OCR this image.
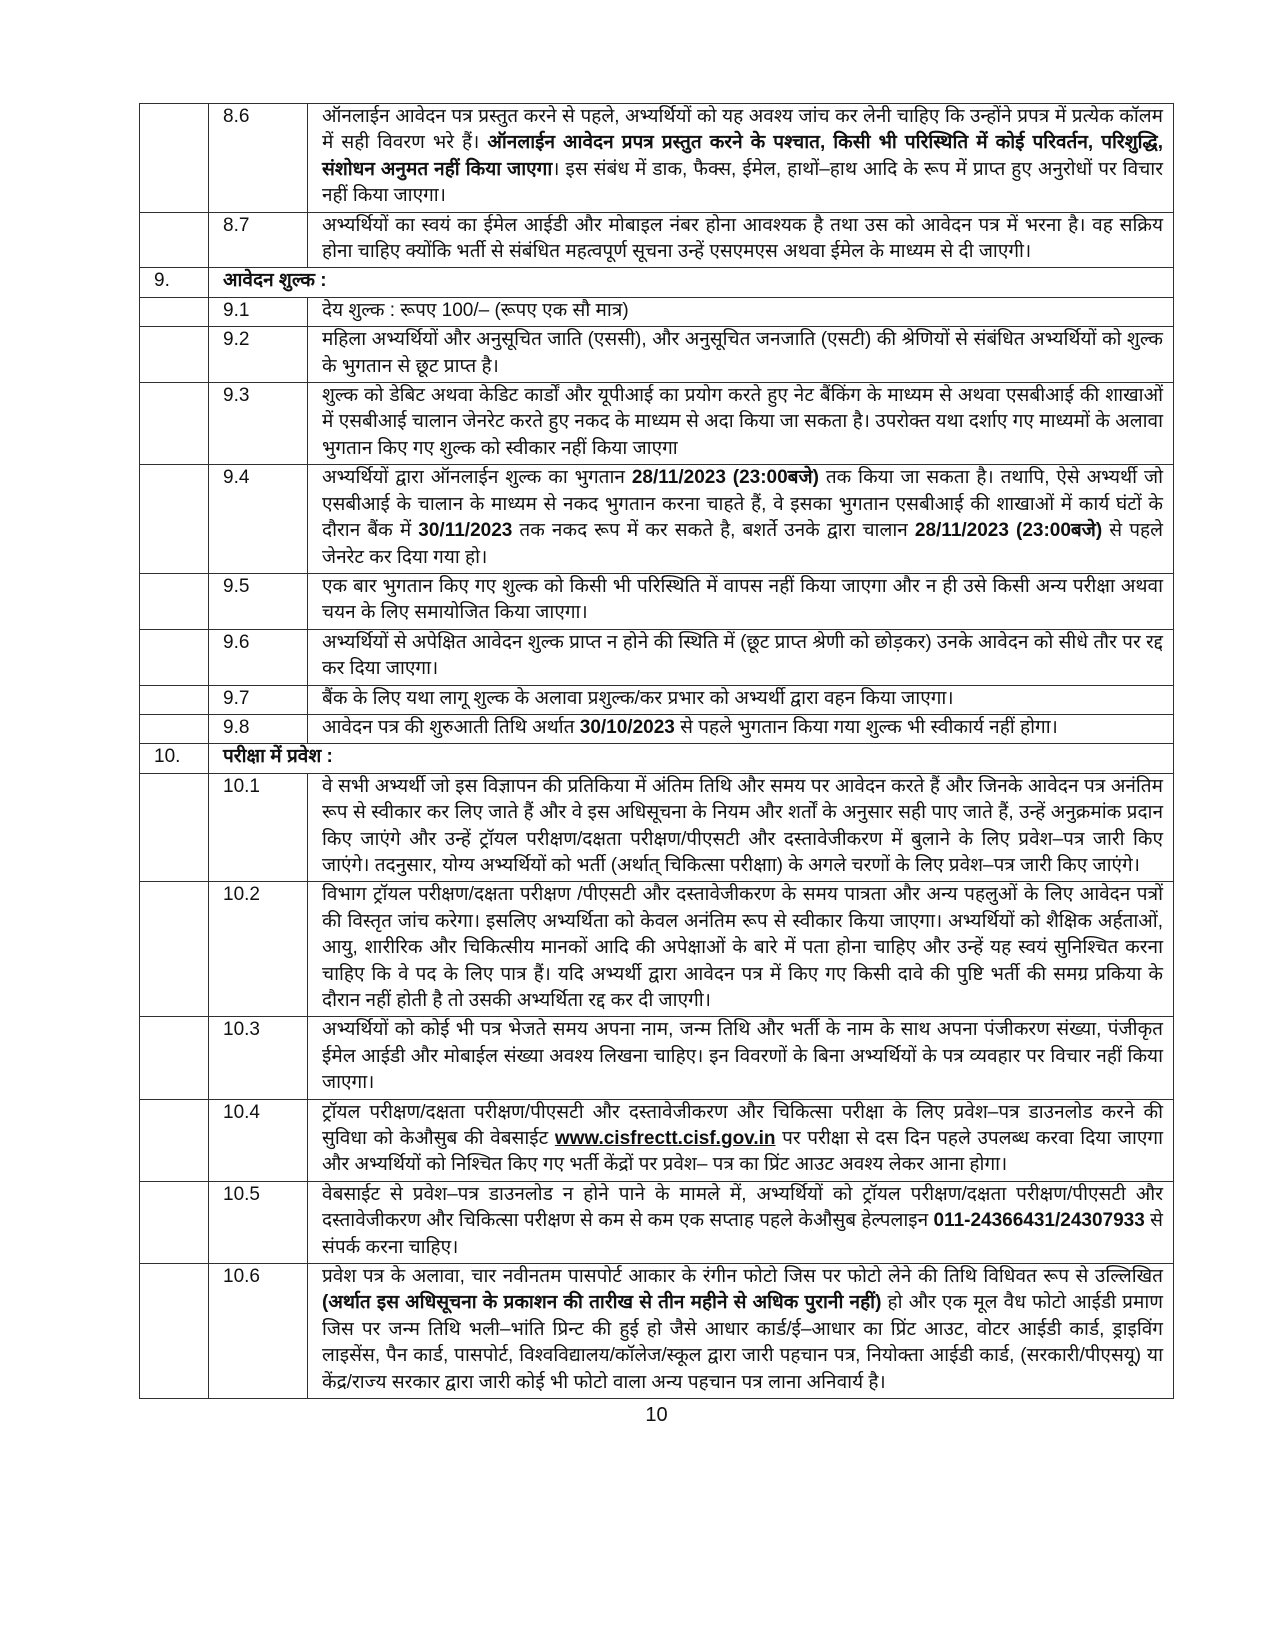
	8.6	ऑनलाईन आवेदन पत्र प्रस्तुत करने से पहले, अभ्यर्थियों को यह अवश्य जांच कर लेनी चाहिए कि उन्होंने प्रपत्र में प्रत्येक कॉलम में सही विवरण भरे हैं। ऑनलाईन आवेदन प्रपत्र प्रस्तुत करने के पश्चात, किसी भी परिस्थिति में कोई परिवर्तन, परिशुद्धि, संशोधन अनुमत नहीं किया जाएगा। इस संबंध में डाक, फैक्स, ईमेल, हाथों–हाथ आदि के रूप में प्राप्त हुए अनुरोधों पर विचार नहीं किया जाएगा।
	8.7	अभ्यर्थियों का स्वयं का ईमेल आईडी और मोबाइल नंबर होना आवश्यक है तथा उस को आवेदन पत्र में भरना है। वह सक्रिय होना चाहिए क्योंकि भर्ती से संबंधित महत्वपूर्ण सूचना उन्हें एसएमएस अथवा ईमेल के माध्यम से दी जाएगी।
9.	आवेदन शुल्क :	
	9.1	देय शुल्क : रूपए 100/– (रूपए एक सौ मात्र)
	9.2	महिला अभ्यर्थियों और अनुसूचित जाति (एससी), और अनुसूचित जनजाति (एसटी) की श्रेणियों से संबंधित अभ्यर्थियों को शुल्क के भुगतान से छूट प्राप्त है।
	9.3	शुल्क को डेबिट अथवा केडिट कार्डों और यूपीआई का प्रयोग करते हुए नेट बैंकिंग के माध्यम से अथवा एसबीआई की शाखाओं में एसबीआई चालान जेनरेट करते हुए नकद के माध्यम से अदा किया जा सकता है। उपरोक्त यथा दर्शाए गए माध्यमों के अलावा भुगतान किए गए शुल्क को स्वीकार नहीं किया जाएगा
	9.4	अभ्यर्थियों द्वारा ऑनलाईन शुल्क का भुगतान 28/11/2023 (23:00बजे) तक किया जा सकता है। तथापि, ऐसे अभ्यर्थी जो एसबीआई के चालान के माध्यम से नकद भुगतान करना चाहते हैं, वे इसका भुगतान एसबीआई की शाखाओं में कार्य घंटों के दौरान बैंक में 30/11/2023 तक नकद रूप में कर सकते है, बशर्ते उनके द्वारा चालान 28/11/2023 (23:00बजे) से पहले जेनरेट कर दिया गया हो।
	9.5	एक बार भुगतान किए गए शुल्क को किसी भी परिस्थिति में वापस नहीं किया जाएगा और न ही उसे किसी अन्य परीक्षा अथवा चयन के लिए समायोजित किया जाएगा।
	9.6	अभ्यर्थियों से अपेक्षित आवेदन शुल्क प्राप्त न होने की स्थिति में (छूट प्राप्त श्रेणी को छोड़कर) उनके आवेदन को सीधे तौर पर रद्द कर दिया जाएगा।
	9.7	बैंक के लिए यथा लागू शुल्क के अलावा प्रशुल्क/कर प्रभार को अभ्यर्थी द्वारा वहन किया जाएगा।
	9.8	आवेदन पत्र की शुरुआती तिथि अर्थात 30/10/2023 से पहले भुगतान किया गया शुल्क भी स्वीकार्य नहीं होगा।
10.	परीक्षा में प्रवेश :	
	10.1	वे सभी अभ्यर्थी जो इस विज्ञापन की प्रतिकिया में अंतिम तिथि और समय पर आवेदन करते हैं और जिनके आवेदन पत्र अनंतिम रूप से स्वीकार कर लिए जाते हैं और वे इस अधिसूचना के नियम और शर्तों के अनुसार सही पाए जाते हैं, उन्हें अनुक्रमांक प्रदान किए जाएंगे और उन्हें ट्रॉयल परीक्षण/दक्षता परीक्षण/पीएसटी और दस्तावेजीकरण में बुलाने के लिए प्रवेश–पत्र जारी किए जाएंगे। तदनुसार, योग्य अभ्यर्थियों को भर्ती (अर्थात् चिकित्सा परीक्षाा) के अगले चरणों के लिए प्रवेश–पत्र जारी किए जाएंगे।
	10.2	विभाग ट्रॉयल परीक्षण/दक्षता परीक्षण /पीएसटी और दस्तावेजीकरण के समय पात्रता और अन्य पहलुओं के लिए आवेदन पत्रों की विस्तृत जांच करेगा। इसलिए अभ्यर्थिता को केवल अनंतिम रूप से स्वीकार किया जाएगा। अभ्यर्थियों को शैक्षिक अर्हताओं, आयु, शारीरिक और चिकित्सीय मानकों आदि की अपेक्षाओं के बारे में पता होना चाहिए और उन्हें यह स्वयं सुनिश्चित करना चाहिए कि वे पद के लिए पात्र हैं। यदि अभ्यर्थी द्वारा आवेदन पत्र में किए गए किसी दावे की पुष्टि भर्ती की समग्र प्रकिया के दौरान नहीं होती है तो उसकी अभ्यर्थिता रद्द कर दी जाएगी।
	10.3	अभ्यर्थियों को कोई भी पत्र भेजते समय अपना नाम, जन्म तिथि और भर्ती के नाम के साथ अपना पंजीकरण संख्या, पंजीकृत ईमेल आईडी और मोबाईल संख्या अवश्य लिखना चाहिए। इन विवरणों के बिना अभ्यर्थियों के पत्र व्यवहार पर विचार नहीं किया जाएगा।
	10.4	ट्रॉयल परीक्षण/दक्षता परीक्षण/पीएसटी और दस्तावेजीकरण और चिकित्सा परीक्षा के लिए प्रवेश–पत्र डाउनलोड करने की सुविधा को केऔसुब की वेबसाईट www.cisfrectt.cisf.gov.in पर परीक्षा से दस दिन पहले उपलब्ध करवा दिया जाएगा और अभ्यर्थियों को निश्चित किए गए भर्ती केंद्रों पर प्रवेश– पत्र का प्रिंट आउट अवश्य लेकर आना होगा।
	10.5	वेबसाईट से प्रवेश–पत्र डाउनलोड न होने पाने के मामले में, अभ्यर्थियों को ट्रॉयल परीक्षण/दक्षता परीक्षण/पीएसटी और दस्तावेजीकरण और चिकित्सा परीक्षण से कम से कम एक सप्ताह पहले केऔसुब हेल्पलाइन 011-24366431/24307933 से संपर्क करना चाहिए।
	10.6	प्रवेश पत्र के अलावा, चार नवीनतम पासपोर्ट आकार के रंगीन फोटो जिस पर फोटो लेने की तिथि विधिवत रूप से उल्लिखित (अर्थात इस अधिसूचना के प्रकाशन की तारीख से तीन महीने से अधिक पुरानी नहीं) हो और एक मूल वैध फोटो आईडी प्रमाण जिस पर जन्म तिथि भली–भांति प्रिन्ट की हुई हो जैसे आधार कार्ड/ई–आधार का प्रिंट आउट, वोटर आईडी कार्ड, ड्राइविंग लाइसेंस, पैन कार्ड, पासपोर्ट, विश्वविद्यालय/कॉलेज/स्कूल द्वारा जारी पहचान पत्र, नियोक्ता आईडी कार्ड, (सरकारी/पीएसयू) या केंद्र/राज्य सरकार द्वारा जारी कोई भी फोटो वाला अन्य पहचान पत्र लाना अनिवार्य है।
10
